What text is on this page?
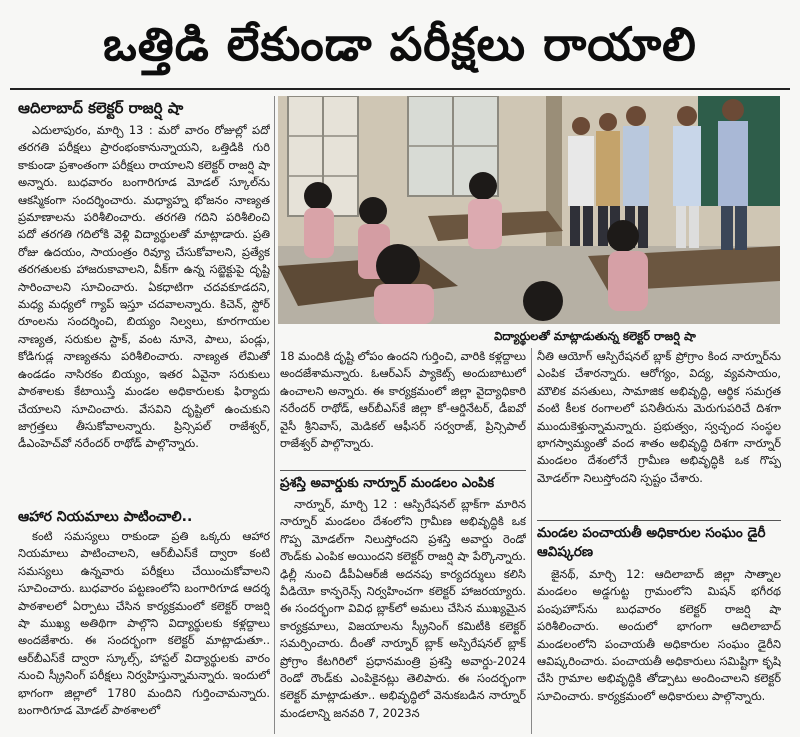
ఒత్తిడి లేకుండా పరీక్షలు రాయాలి
ఆదిలాబాద్‌ కలెక్టర్‌ రాజర్షి షా

ఎదులాపురం, మార్చి 13 : మరో వారం రోజుల్లో పదో తరగతి పరీక్షలు ప్రారంభంకానున్నాయని, ఒత్తిడికి గురి కాకుండా ప్రశాంతంగా పరీక్షలు రాయాలని కలెక్టర్‌ రాజర్షి షా అన్నారు. బుధవారం బంగారిగూడ మోడల్‌ స్కూల్‌ను ఆకస్మికంగా సందర్శించారు. మధ్యాహ్న భోజనం నాణ్యత ప్రమాణాలను పరిశీలించారు. తరగతి గదిని పరిశీలించి పదో తరగతి గదిలోకి వెళ్లి విద్యార్థులతో మాట్లాడారు. ప్రతి రోజు ఉదయం, సాయంత్రం రివ్యూ చేసుకోవాలని, ప్రత్యేక తరగతులకు హాజరుకావాలని, వీక్‌గా ఉన్న సబ్జెక్టుపై దృష్టి సారించాలని సూచించారు. ఏకధాటిగా చదవకూడదని, మధ్య మధ్యలో గ్యాప్‌ ఇస్తూ చదవాలన్నారు. కిచెన్‌, స్టోర్‌ రూంలను సందర్శించి, బియ్యం నిల్వలు, కూరగాయల నాణ్యత, సరుకుల స్టాక్‌, వంట నూనె, పాలు, పండ్లు, కోడిగుడ్ల నాణ్యతను పరిశీలించారు. నాణ్యత లేమితో ఉండడం నాసిరకం బియ్యం, ఇతర ఏవైనా సరుకులు పాఠశాలకు కేటాయిస్తే మండల అధికారులకు ఫిర్యాదు చేయాలని సూచించారు. వేసవిని దృష్టిలో ఉంచుకుని జాగ్రత్తలు తీసుకోవాలన్నారు. ప్రిన్సిపల్‌ రాజేశ్వర్‌, డీఎంహెచ్‌వో నరేందర్‌ రాథోడ్‌ పాల్గొన్నారు.

ఆహార నియమాలు పాటించాలి..

కంటి సమస్యలు రాకుండా ప్రతి ఒక్కరు ఆహార నియమాలు పాటించాలని, ఆర్‌బీఎస్‌కే ద్వారా కంటి సమస్యలు ఉన్నవారు పరీక్షలు చేయించుకోవాలని సూచించారు. బుధవారం పట్టణంలోని బంగారిగూడ ఆదర్శ పాఠశాలలో ఏర్పాటు చేసిన కార్యక్రమంలో కలెక్టర్‌ రాజర్షి షా ముఖ్య అతిథిగా పాల్గొని విద్యార్థులకు కళ్లద్దాలు అందజేశారు. ఈ సందర్భంగా కలెక్టర్‌ మాట్లాడుతూ.. ఆర్‌బీఎస్‌కే ద్వారా స్కూల్స్‌, హాస్టల్‌ విద్యార్థులకు వారం నుంచి స్క్రీనింగ్‌ పరీక్షలు నిర్వహిస్తున్నామన్నారు. ఇందులో భాగంగా జిల్లాలో 1780 మందిని గుర్తించామన్నారు. బంగారిగూడ మోడల్‌ పాఠశాలలో

విద్యార్థులతో మాట్లాడుతున్న కలెక్టర్‌ రాజర్షి షా

18 మందికి దృష్టి లోపం ఉందని గుర్తించి, వారికి కళ్లద్దాలు అందజేశామన్నారు. ఓఆర్‌ఎస్‌ ప్యాకెట్స్‌ అందుబాటులో ఉంచాలని అన్నారు. ఈ కార్యక్రమంలో జిల్లా వైద్యాధికారి నరేందర్‌ రాథోడ్‌, ఆర్‌బీఎస్‌కే జిల్లా కో-ఆర్డినేటర్‌, డీఐవో వైసీ శ్రీనివాస్‌, మెడికల్‌ ఆఫీసర్‌ సర్వరాజ్‌, ప్రిన్సిపాల్‌ రాజేశ్వర్‌ పాల్గొన్నారు.

ప్రశస్తి అవార్డుకు నార్నూర్‌ మండలం ఎంపిక

నార్నూర్‌, మార్చి 12 : ఆస్పిరేషనల్‌ బ్లాక్‌గా మారిన నార్నూర్‌ మండలం దేశంలోని గ్రామీణ అభివృద్ధికి ఒక గొప్ప మోడల్‌గా నిలుస్తోందని ప్రశస్తి అవార్డు రెండో రౌండ్‌కు ఎంపిక అయిందని కలెక్టర్‌ రాజర్షి షా పేర్కొన్నారు. ఢిల్లీ నుంచి డీపీఏఆర్‌జీ అదనపు కార్యదర్శులు కలిసి వీడియో కాన్ఫరెన్స్‌ నిర్వహించగా కలెక్టర్‌ హాజరయ్యారు. ఈ సందర్భంగా వివిధ బ్లాక్‌లో అమలు చేసిన ముఖ్యమైన కార్యక్రమాలు, విజయాలను స్క్రీనింగ్‌ కమిటీకి కలెక్టర్‌ సమర్పించారు. దీంతో నార్నూర్‌ బ్లాక్‌ అస్పిరేషనల్‌ బ్లాక్‌ ప్రోగ్రాం కేటగిరిలో ప్రధానమంత్రి ప్రశస్తి అవార్డు-2024 రెండో రౌండ్‌కు ఎంపికైనట్లు తెలిపారు. ఈ సందర్భంగా కలెక్టర్‌ మాట్లాడుతూ.. అభివృద్ధిలో వెనుకబడిన నార్నూర్‌ మండలాన్ని జనవరి 7, 2023న

నీతి ఆయోగ్‌ ఆస్పిరేషనల్‌ బ్లాక్‌ ప్రోగ్రాం కింద నార్నూర్‌ను ఎంపిక చేశారన్నారు. ఆరోగ్యం, విద్య, వ్యవసాయం, మౌలిక వసతులు, సామాజిక అభివృద్ధి, ఆర్థిక సమగ్రత వంటి కీలక రంగాలలో పనితీరును మెరుగుపరిచే దిశగా ముందుకెళ్తున్నామన్నారు. ప్రభుత్వం, స్వచ్ఛంద సంస్థల భాగస్వామ్యంతో వంద శాతం అభివృద్ధి దిశగా నార్నూర్‌ మండలం దేశంలోనే గ్రామీణ అభివృద్ధికి ఒక గొప్ప మోడల్‌గా నిలుస్తోందని స్పష్టం చేశారు.

మండల పంచాయతీ అధికారుల సంఘం డైరీ ఆవిష్కరణ

జైనథ్‌, మార్చి 12: ఆదిలాబాద్‌ జిల్లా సాత్నాల మండలం అడ్డగుట్ట గ్రామంలోని మిషన్‌ భగీరథ పంపుహౌస్‌ను బుధవారం కలెక్టర్‌ రాజర్షి షా పరిశీలించారు. అందులో భాగంగా ఆదిలాబాద్‌ మండలంలోని పంచాయతీ అధికారుల సంఘం డైరీని ఆవిష్కరించారు. పంచాయతీ అధికారులు సమిష్టిగా కృషి చేసి గ్రామాల అభివృద్ధికి తోడ్పాటు అందించాలని కలెక్టర్‌ సూచించారు. కార్యక్రమంలో అధికారులు పాల్గొన్నారు.
